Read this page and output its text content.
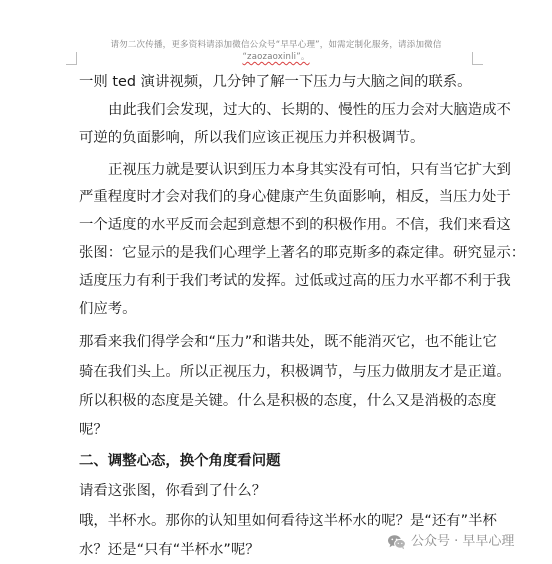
请勿二次传播，更多资料请添加微信公众号“早早心理”，如需定制化服务，请添加微信
“zaozaoxinli”。
一则 ted 演讲视频，几分钟了解一下压力与大脑之间的联系。
由此我们会发现，过大的、长期的、慢性的压力会对大脑造成不
可逆的负面影响，所以我们应该正视压力并积极调节。
正视压力就是要认识到压力本身其实没有可怕，只有当它扩大到
严重程度时才会对我们的身心健康产生负面影响，相反，当压力处于
一个适度的水平反而会起到意想不到的积极作用。不信，我们来看这
张图：它显示的是我们心理学上著名的耶克斯多的森定律。研究显示：
适度压力有利于我们考试的发挥。过低或过高的压力水平都不利于我
们应考。
那看来我们得学会和“压力”和谐共处，既不能消灭它，也不能让它
骑在我们头上。所以正视压力，积极调节，与压力做朋友才是正道。
所以积极的态度是关键。什么是积极的态度，什么又是消极的态度
呢？
二、调整心态，换个角度看问题
请看这张图，你看到了什么？
哦，半杯水。那你的认知里如何看待这半杯水的呢？是“还有”半杯
水？还是“只有“半杯水”呢？
公众号 · 早早心理
